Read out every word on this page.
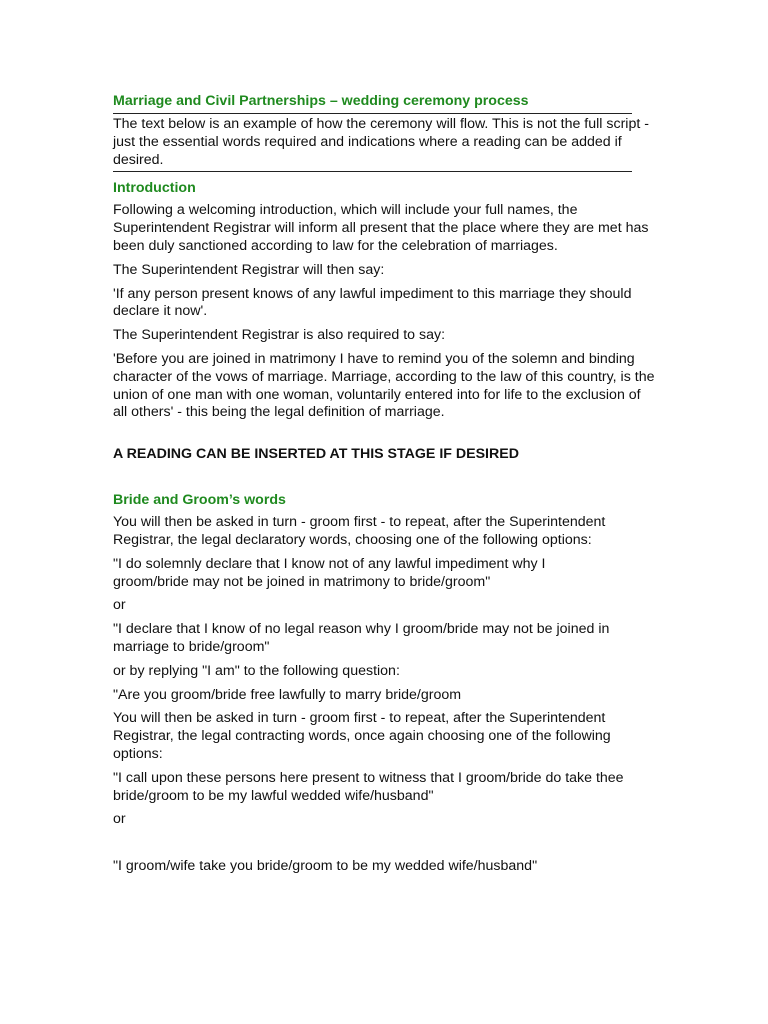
Marriage and Civil Partnerships – wedding ceremony process

The text below is an example of how the ceremony will flow. This is not the full script - just the essential words required and indications where a reading can be added if desired.

Introduction

Following a welcoming introduction, which will include your full names, the Superintendent Registrar will inform all present that the place where they are met has been duly sanctioned according to law for the celebration of marriages.

The Superintendent Registrar will then say:

'If any person present knows of any lawful impediment to this marriage they should declare it now'.

The Superintendent Registrar is also required to say:

'Before you are joined in matrimony I have to remind you of the solemn and binding character of the vows of marriage. Marriage, according to the law of this country, is the union of one man with one woman, voluntarily entered into for life to the exclusion of all others' - this being the legal definition of marriage.

A READING CAN BE INSERTED AT THIS STAGE IF DESIRED
Bride and Groom’s words

You will then be asked in turn - groom first - to repeat, after the Superintendent Registrar, the legal declaratory words, choosing one of the following options:

"I do solemnly declare that I know not of any lawful impediment why I groom/bride may not be joined in matrimony to bride/groom"

or

"I declare that I know of no legal reason why I groom/bride may not be joined in marriage to bride/groom"

or by replying "I am" to the following question:

"Are you groom/bride free lawfully to marry bride/groom

You will then be asked in turn - groom first - to repeat, after the Superintendent Registrar, the legal contracting words, once again choosing one of the following options:

"I call upon these persons here present to witness that I groom/bride do take thee bride/groom to be my lawful wedded wife/husband"

or

"I groom/wife take you bride/groom to be my wedded wife/husband"
